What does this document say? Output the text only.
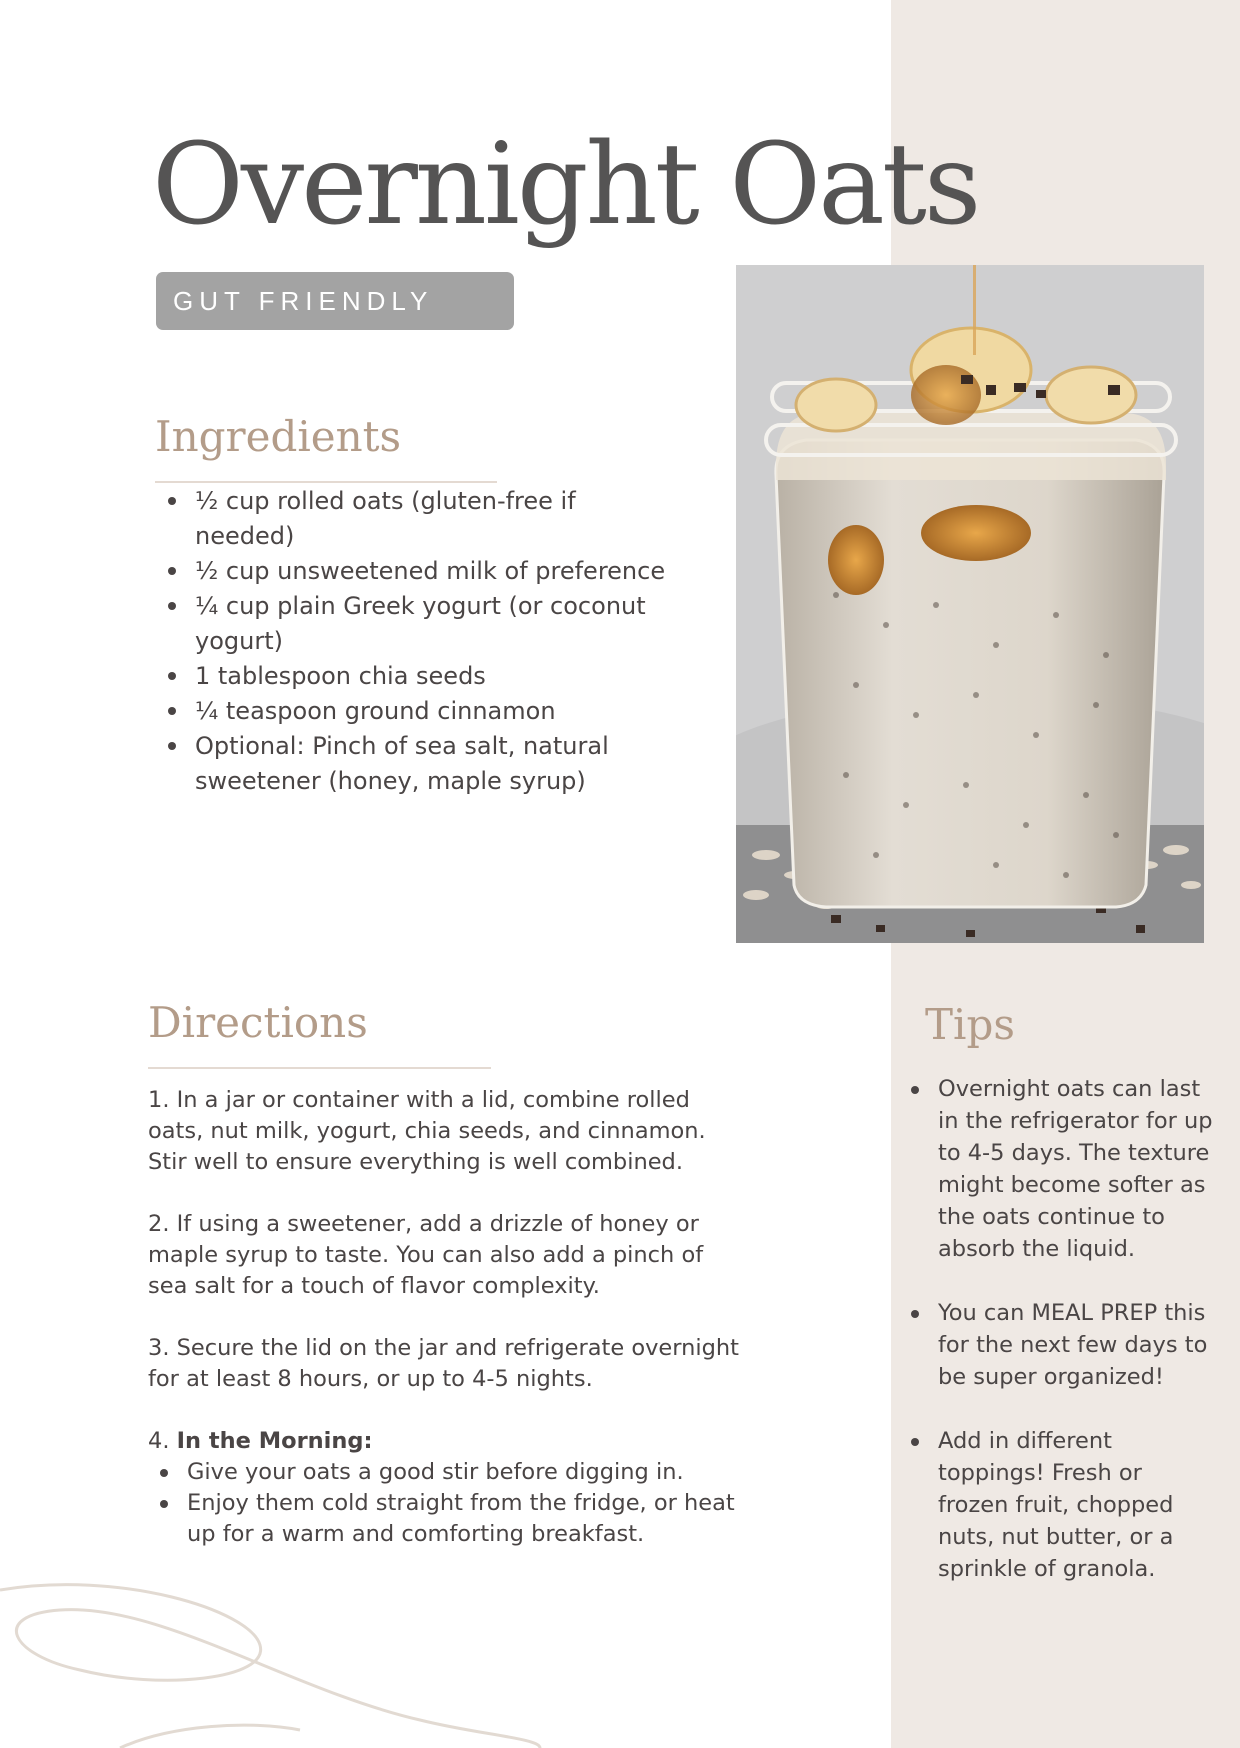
Overnight Oats
GUT FRIENDLY
Ingredients
½ cup rolled oats (gluten-free if needed)
½ cup unsweetened milk of preference
¼ cup plain Greek yogurt (or coconut yogurt)
1 tablespoon chia seeds
¼ teaspoon ground cinnamon
Optional: Pinch of sea salt, natural sweetener (honey, maple syrup)
Directions

1. In a jar or container with a lid, combine rolled oats, nut milk, yogurt, chia seeds, and cinnamon. Stir well to ensure everything is well combined.

2. If using a sweetener, add a drizzle of honey or maple syrup to taste. You can also add a pinch of sea salt for a touch of flavor complexity.

3. Secure the lid on the jar and refrigerate overnight for at least 8 hours, or up to 4-5 nights.

4. In the Morning:

Give your oats a good stir before digging in.
Enjoy them cold straight from the fridge, or heat up for a warm and comforting breakfast.
Tips
Overnight oats can last in the refrigerator for up to 4-5 days. The texture might become softer as the oats continue to absorb the liquid.
You can MEAL PREP this for the next few days to be super organized!
Add in different toppings! Fresh or frozen fruit, chopped nuts, nut butter, or a sprinkle of granola.
